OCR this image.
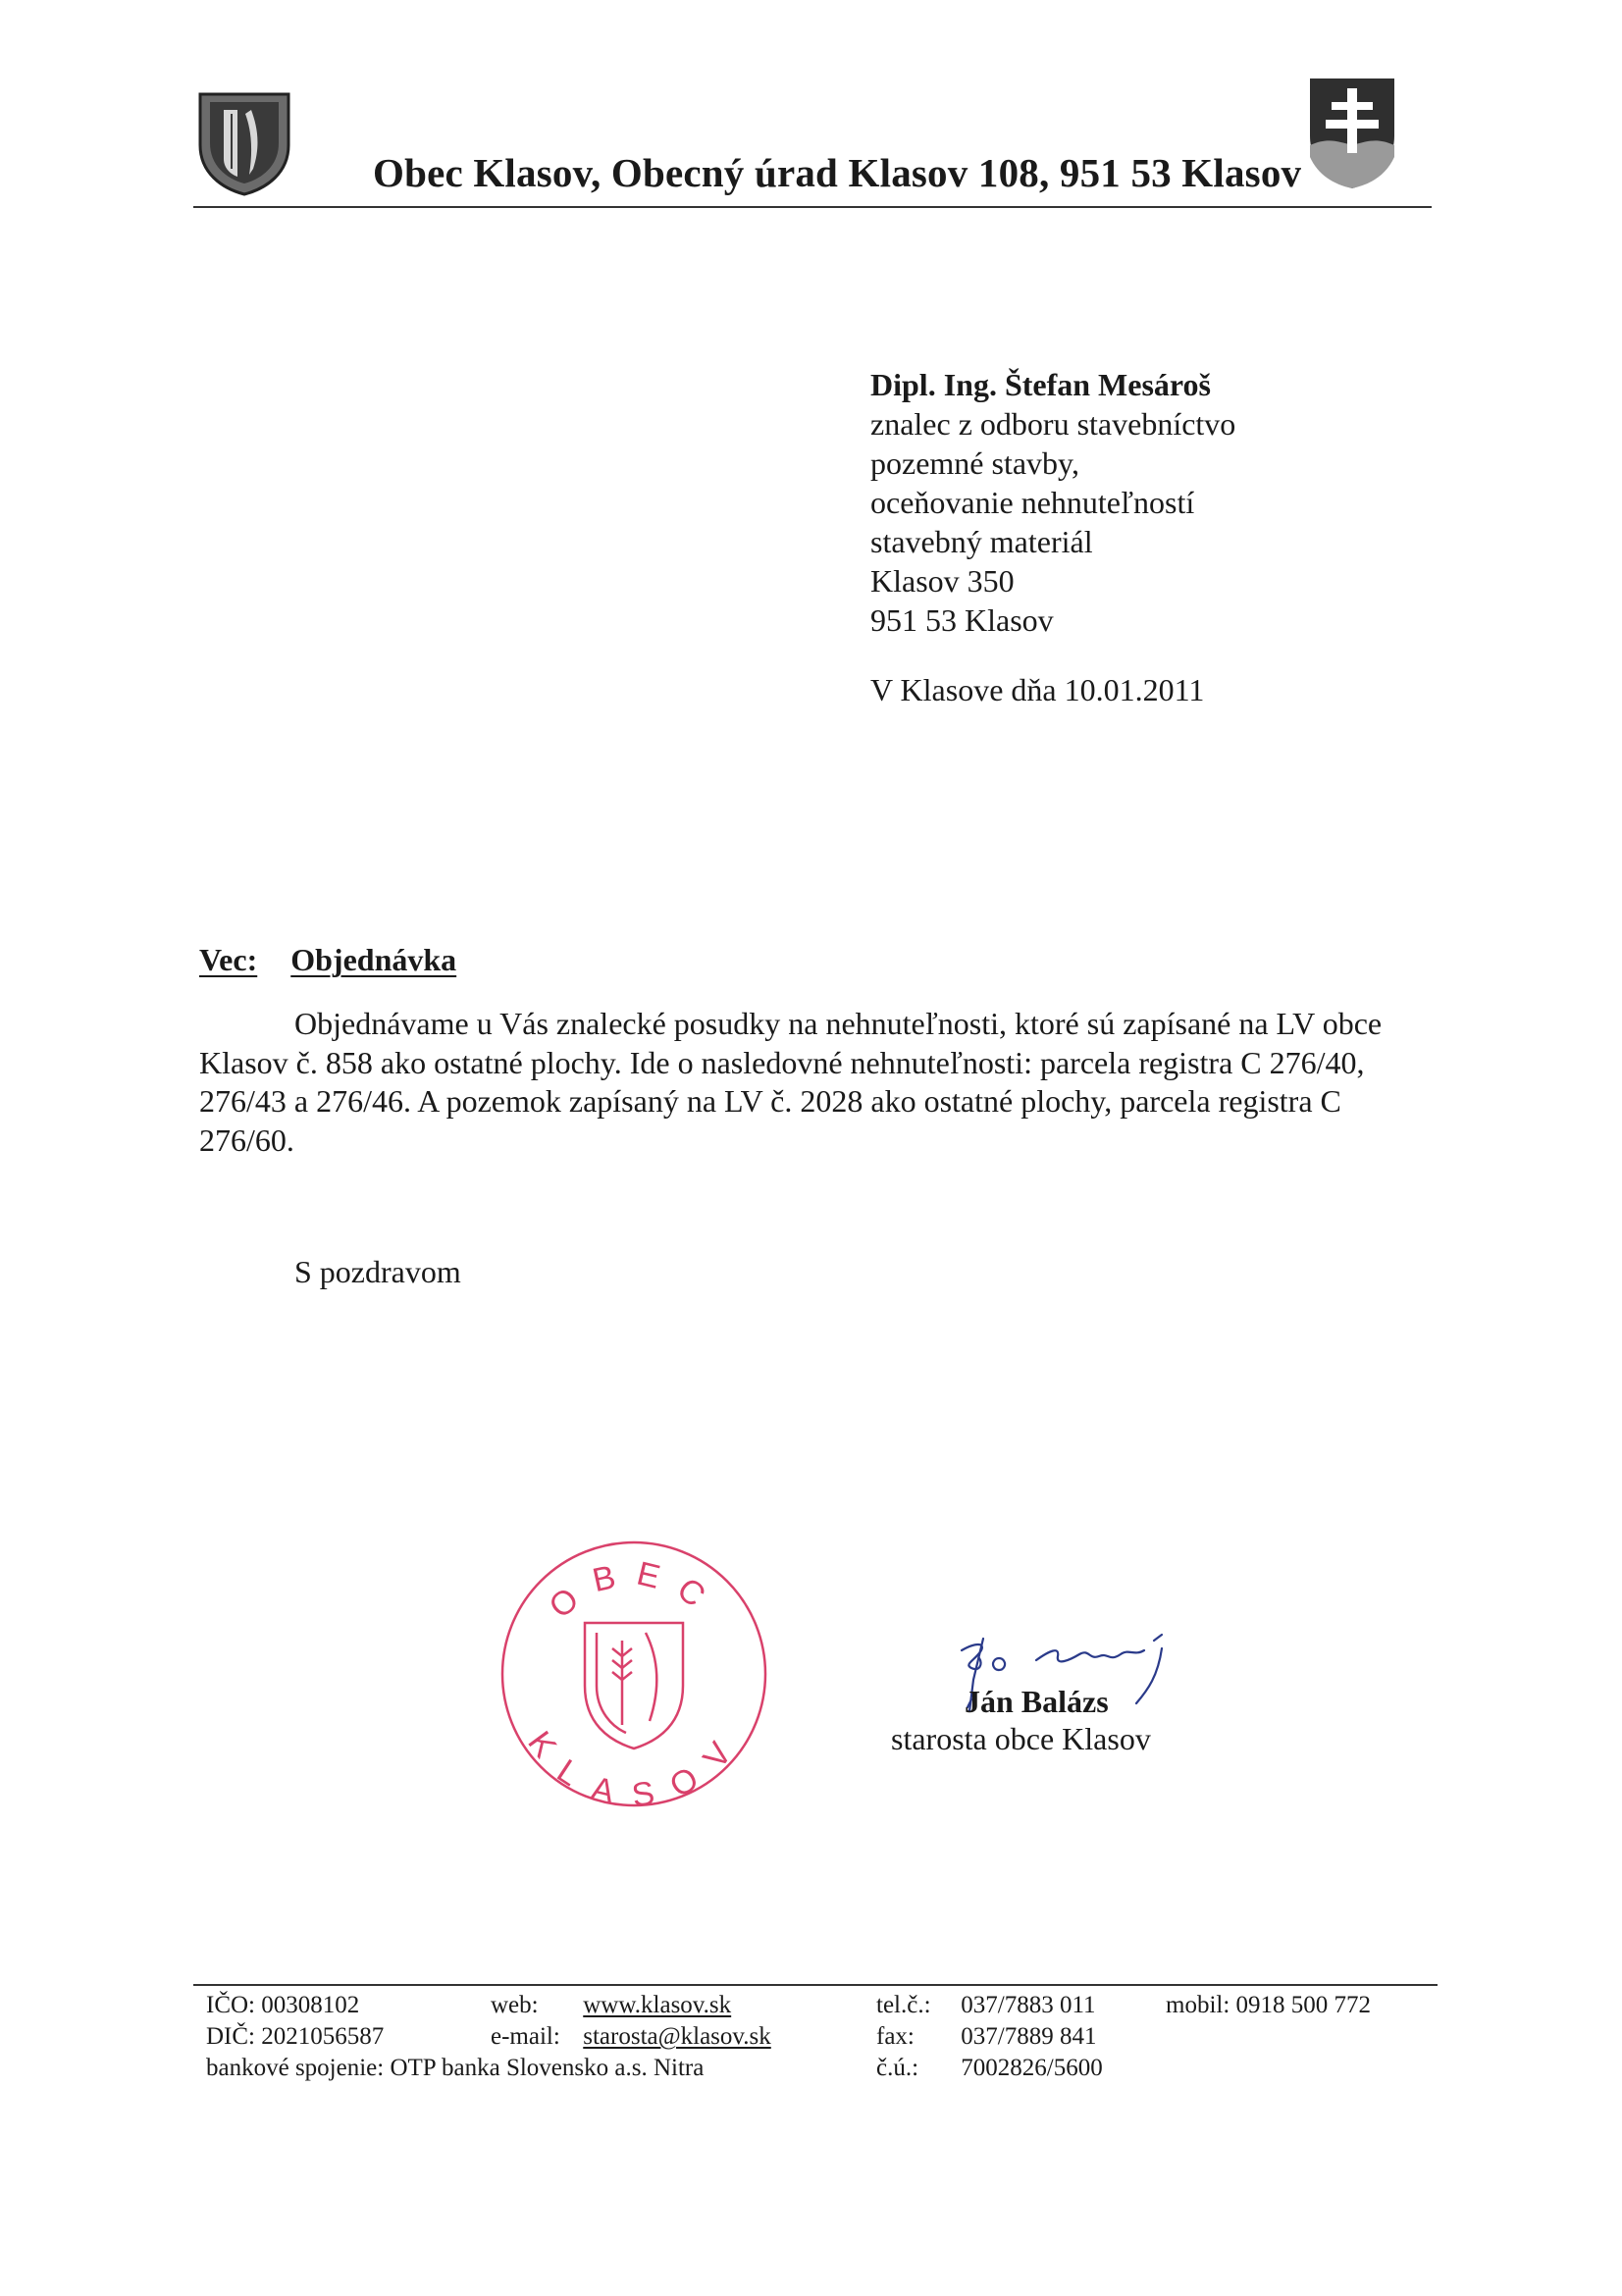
Obec Klasov, Obecný úrad Klasov 108, 951 53 Klasov
Dipl. Ing. Štefan Mesároš
znalec z odboru stavebníctvo
pozemné stavby,
oceňovanie nehnuteľností
stavebný materiál
Klasov 350
951 53 Klasov
V Klasove dňa 10.01.2011
Vec: Objednávka
Objednávame u Vás znalecké posudky na nehnuteľnosti, ktoré sú zapísané na LV obce Klasov č. 858 ako ostatné plochy. Ide o nasledovné nehnuteľnosti: parcela registra C 276/40, 276/43 a 276/46. A pozemok zapísaný na LV č. 2028 ako ostatné plochy, parcela registra C 276/60.
S pozdravom
OBEC
KLASOV
Ján Balázs
starosta obce Klasov
IČO: 00308102
DIČ: 2021056587
bankové spojenie: OTP banka Slovensko a.s. Nitra
web: www.klasov.sk
e-mail: starosta@klasov.sk
tel.č.: 037/7883 011
fax: 037/7889 841
č.ú.: 7002826/5600
mobil: 0918 500 772
